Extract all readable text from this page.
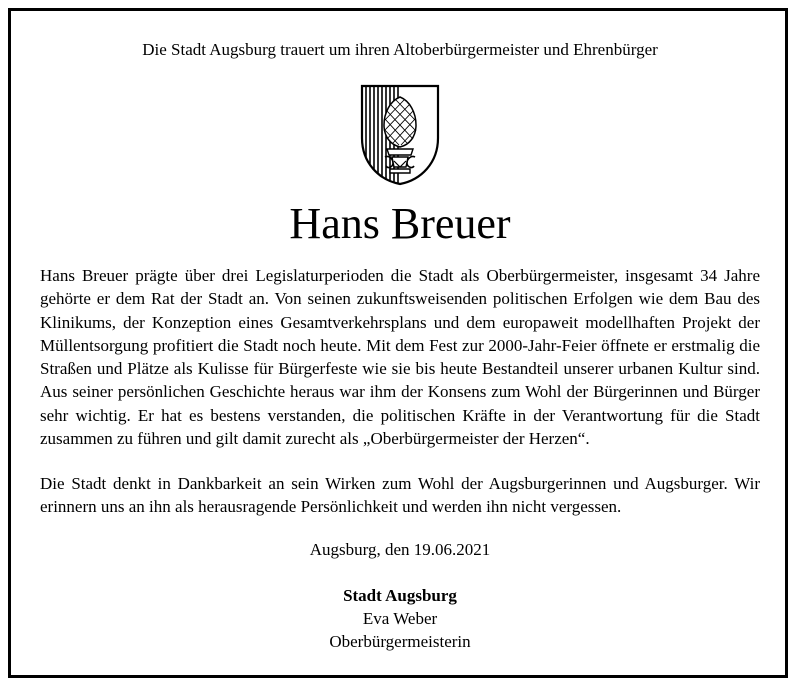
Die Stadt Augsburg trauert um ihren Altoberbürgermeister und Ehrenbürger
Hans Breuer

Hans Breuer prägte über drei Legislaturperioden die Stadt als Oberbürgermeister, insgesamt 34 Jahre gehörte er dem Rat der Stadt an. Von seinen zukunftsweisenden politischen Erfolgen wie dem Bau des Klinikums, der Konzeption eines Gesamtverkehrsplans und dem europaweit modellhaften Projekt der Müllentsorgung profitiert die Stadt noch heute. Mit dem Fest zur 2000-Jahr-Feier öffnete er erstmalig die Straßen und Plätze als Kulisse für Bürgerfeste wie sie bis heute Bestandteil unserer urbanen Kultur sind. Aus seiner persönlichen Geschichte heraus war ihm der Konsens zum Wohl der Bürgerinnen und Bürger sehr wichtig. Er hat es bestens verstanden, die politischen Kräfte in der Verantwortung für die Stadt zusammen zu führen und gilt damit zurecht als „Oberbürgermeister der Herzen“.

Die Stadt denkt in Dankbarkeit an sein Wirken zum Wohl der Augsburgerinnen und Augsburger. Wir erinnern uns an ihn als herausragende Persönlichkeit und werden ihn nicht vergessen.

Augsburg, den 19.06.2021
Stadt Augsburg
Eva Weber
Oberbürgermeisterin
